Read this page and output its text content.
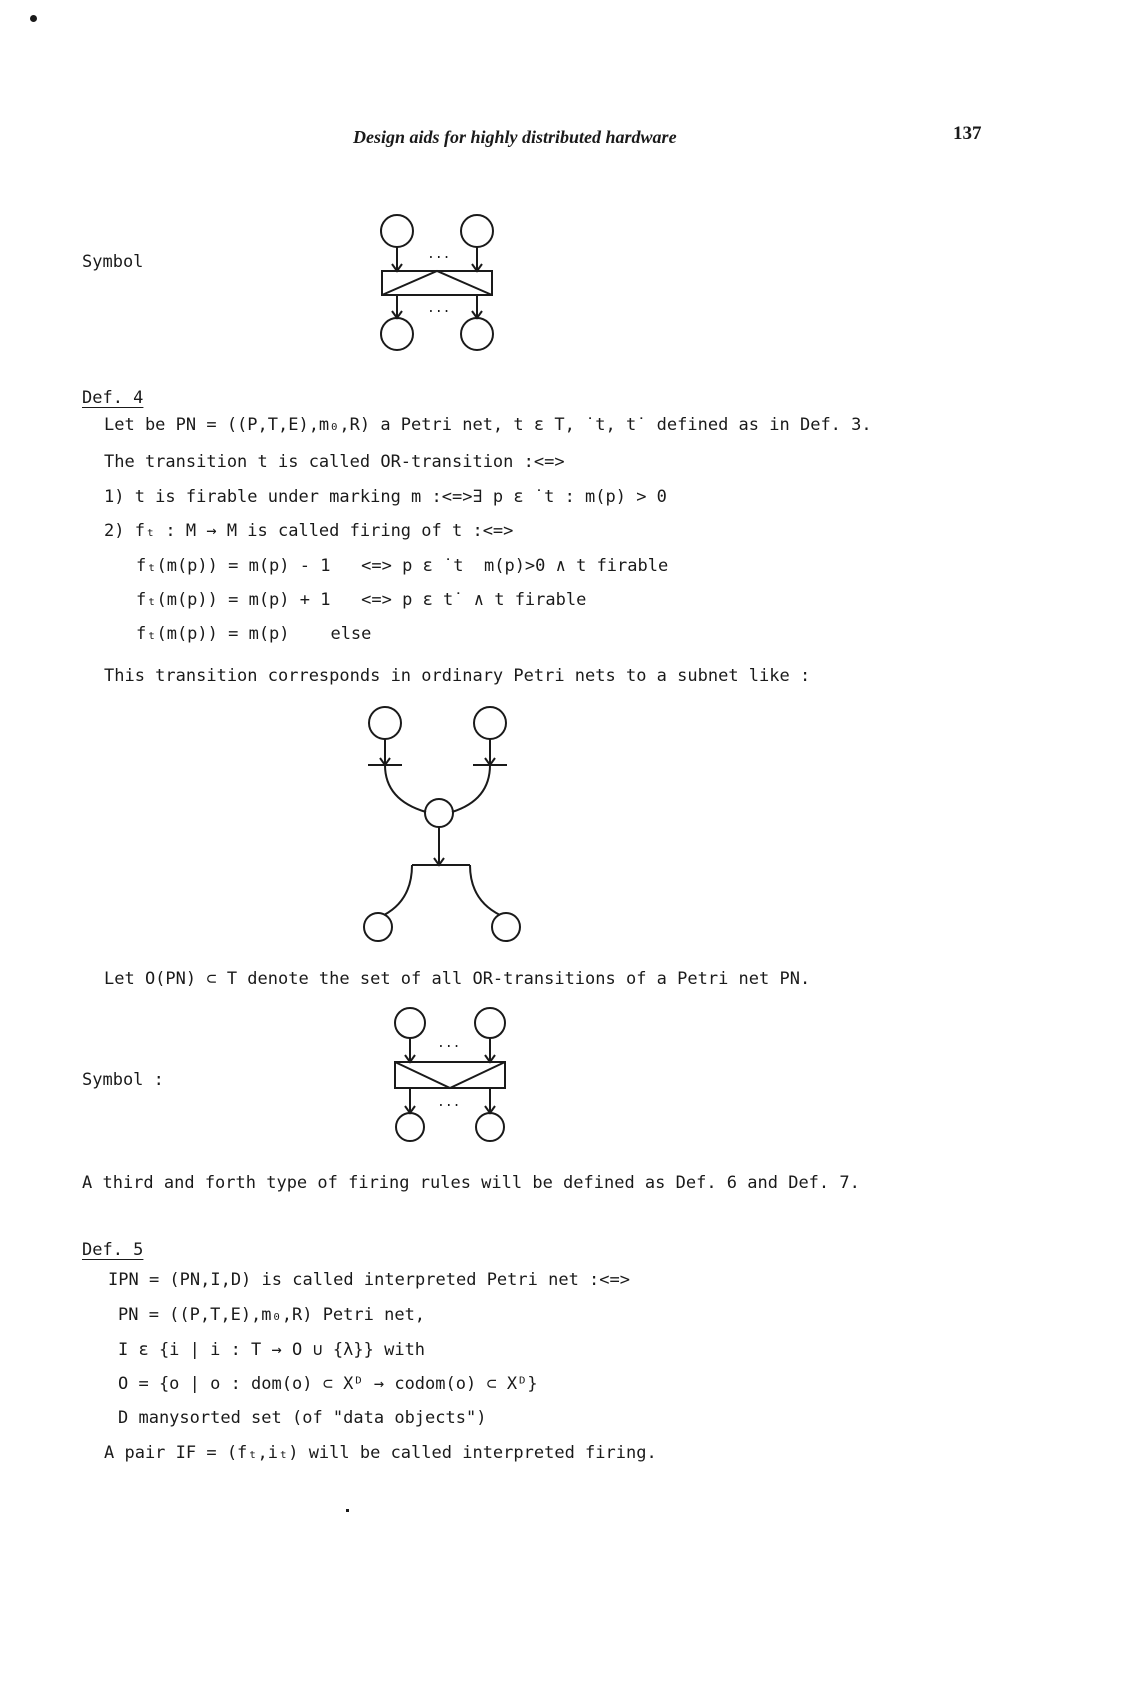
Design aids for highly distributed hardware	137
Symbol	...
...
Def. 4
Let be PN = ((P,T,E),m₀,R) a Petri net, t ε T, ˙t, t˙ defined as in Def. 3.
The transition t is called OR-transition :<=>
1) t is firable under marking m :<=>∃ p ε ˙t : m(p) > 0
2) fₜ : M → M is called firing of t :<=>
fₜ(m(p)) = m(p) - 1   <=> p ε ˙t  m(p)>0 ∧ t firable
fₜ(m(p)) = m(p) + 1   <=> p ε t˙ ∧ t firable
fₜ(m(p)) = m(p)    else
This transition corresponds in ordinary Petri nets to a subnet like :
Let O(PN) ⊂ T denote the set of all OR-transitions of a Petri net PN.
Symbol :
...
...
A third and forth type of firing rules will be defined as Def. 6 and Def. 7.
Def. 5
IPN = (PN,I,D) is called interpreted Petri net :<=>
PN = ((P,T,E),m₀,R) Petri net,
I ε {i | i : T → O ∪ {λ}} with
O = {o | o : dom(o) ⊂ Xᴰ → codom(o) ⊂ Xᴰ}
D manysorted set (of "data objects")
A pair IF = (fₜ,iₜ) will be called interpreted firing.
